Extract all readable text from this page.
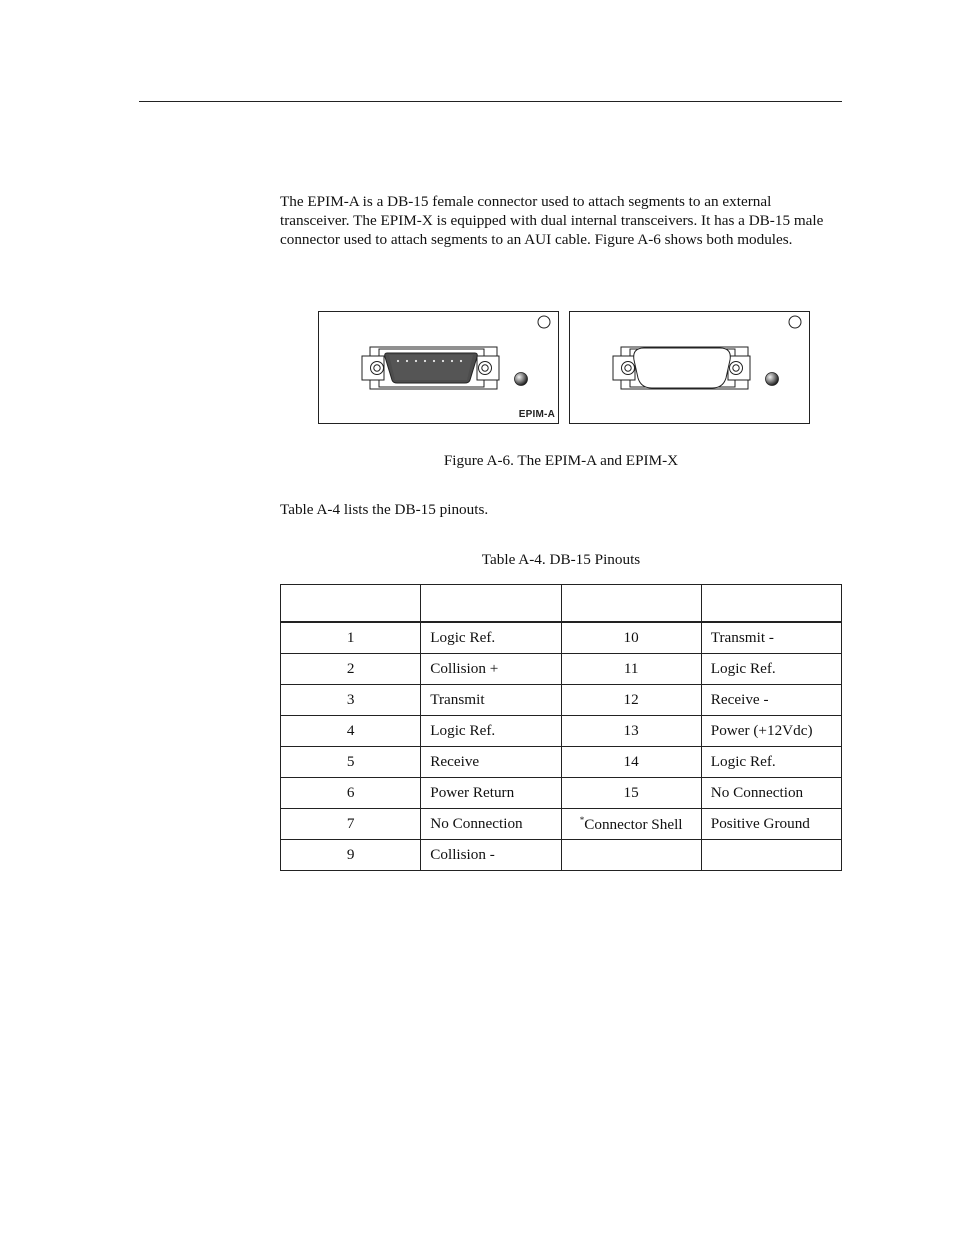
The EPIM-A is a DB-15 female connector used to attach segments to an external transceiver. The EPIM-X is equipped with dual internal transceivers. It has a DB-15 male connector used to attach segments to an AUI cable. Figure A-6 shows both modules.

EPIM-A

Figure A-6. The EPIM-A and EPIM-X

Table A-4 lists the DB-15 pinouts.

Table A-4. DB-15 Pinouts

1	Logic Ref.	10	Transmit -
2	Collision +	11	Logic Ref.
3	Transmit	12	Receive -
4	Logic Ref.	13	Power (+12Vdc)
5	Receive	14	Logic Ref.
6	Power Return	15	No Connection
7	No Connection	*Connector Shell	Positive Ground
9	Collision -		
